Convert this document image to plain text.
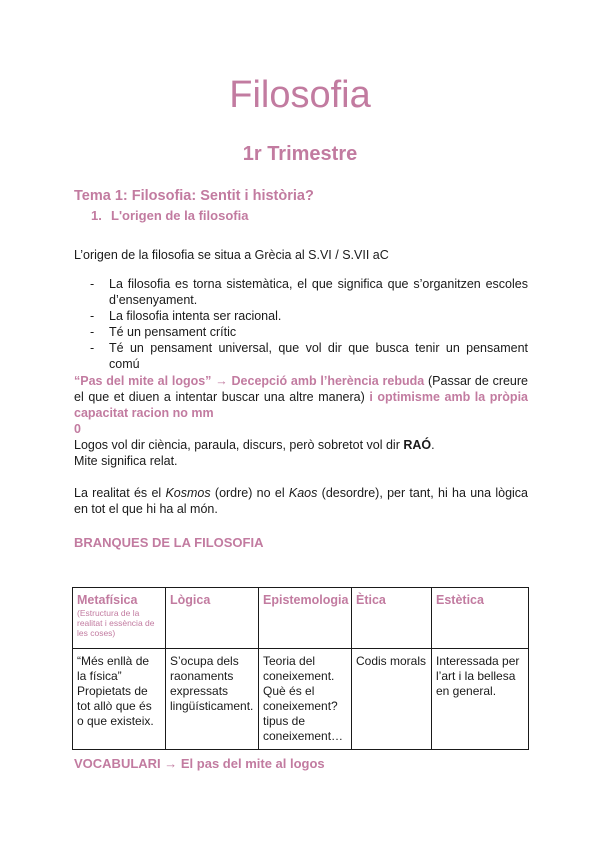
Filosofia
1r Trimestre
Tema 1: Filosofia: Sentit i història?
1. L'origen de la filosofia

L’origen de la filosofia se situa a Grècia al S.VI / S.VII aC

- La filosofia es torna sistemàtica, el que significa que s’organitzen escoles d’ensenyament.
- La filosofia intenta ser racional.
- Té un pensament crític
- Té un pensament universal, que vol dir que busca tenir un pensament comú

“Pas del mite al logos” → Decepció amb l’herència rebuda (Passar de creure el que et diuen a intentar buscar una altre manera) i optimisme amb la pròpia capacitat racion no mm
0
Logos vol dir ciència, paraula, discurs, però sobretot vol dir RAÓ.
Mite significa relat.

La realitat és el Kosmos (ordre) no el Kaos (desordre), per tant, hi ha una lògica en tot el que hi ha al món.

BRANQUES DE LA FILOSOFIA
Metafísica
(Estructura de la realitat i essència de les coses)	Lògica	Epistemologia	Ètica	Estètica
“Més enllà de la física” Propietats de tot allò que és o que existeix.	S’ocupa dels raonaments expressats lingüísticament.	Teoria del coneixement. Què és el coneixement? tipus de coneixement…	Codis morals	Interessada per l’art i la bellesa en general.
VOCABULARI → El pas del mite al logos
